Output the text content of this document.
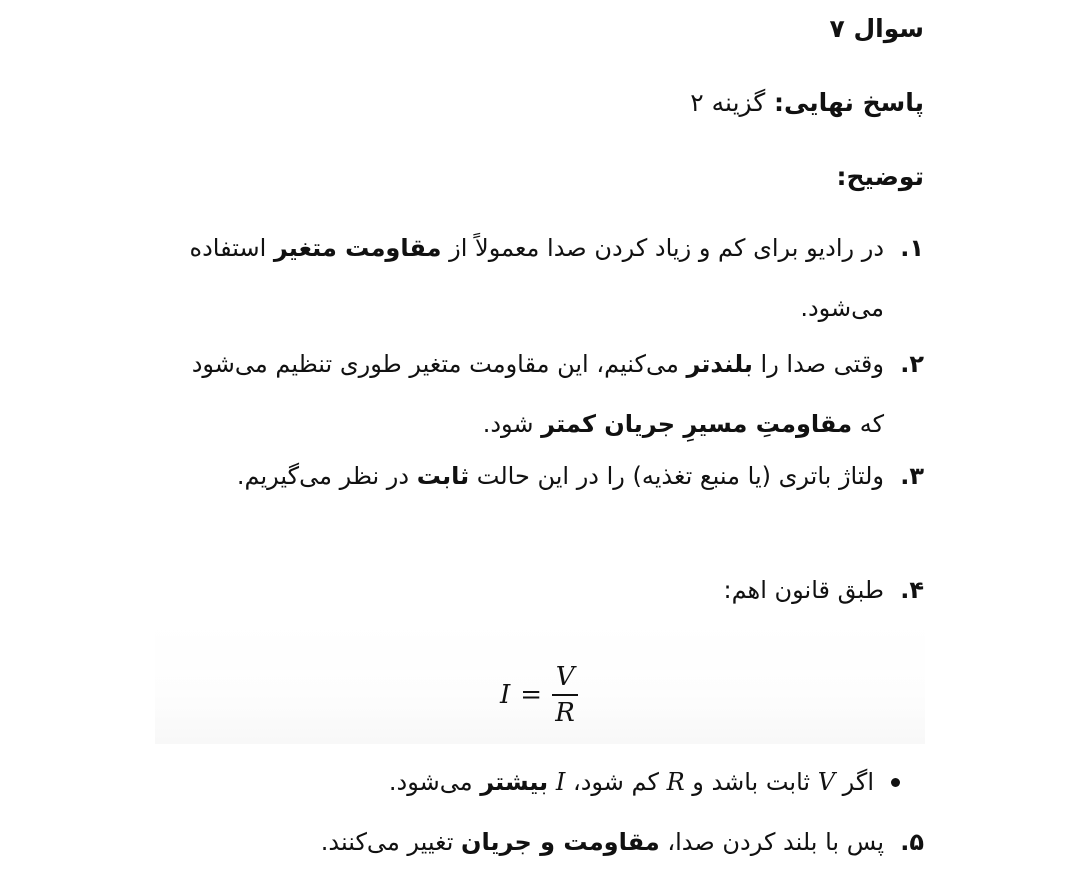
سوال ۷

پاسخ نهایی: گزینه ۲

توضیح:
۱.
در رادیو برای کم و زیاد کردن صدا معمولاً از مقاومت متغیر استفاده می‌شود.
۲.
وقتی صدا را بلندتر می‌کنیم، این مقاومت متغیر طوری تنظیم می‌شود که مقاومتِ مسیرِ جریان کمتر شود.
۳.
ولتاژ باتری (یا منبع تغذیه) را در این حالت ثابت در نظر می‌گیریم.
۴.
طبق قانون اهم:
$I = \frac{V}{R}$
اگر V ثابت باشد و R کم شود، I بیشتر می‌شود.
۵.
پس با بلند کردن صدا، مقاومت و جریان تغییر می‌کنند.
